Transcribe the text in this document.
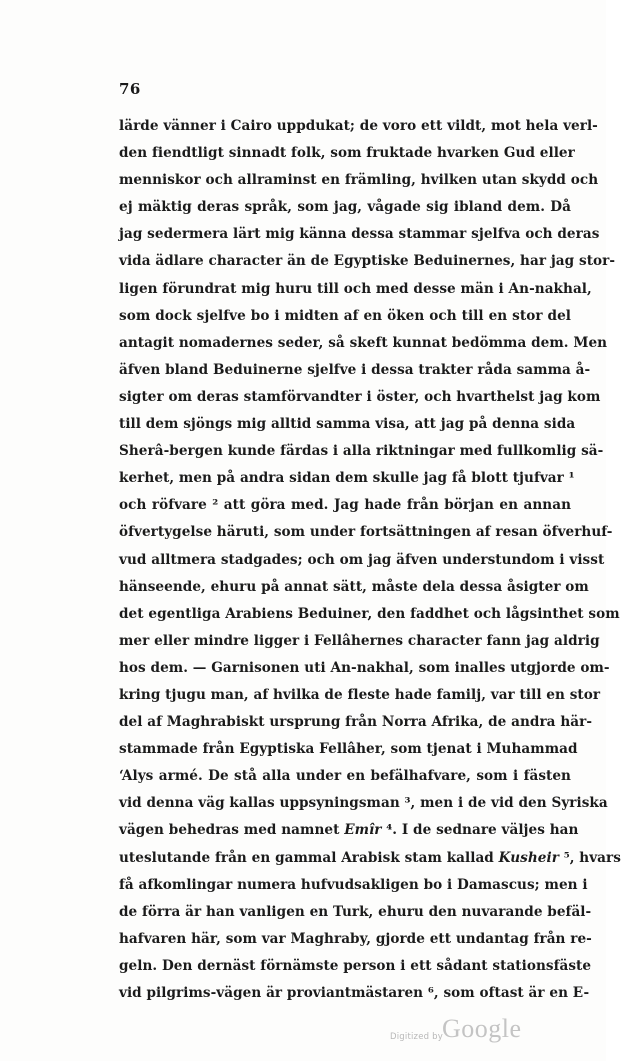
76
lärde vänner i Cairo uppdukat; de voro ett vildt, mot hela verl-
den fiendtligt sinnadt folk, som fruktade hvarken Gud eller
menniskor och allraminst en främling, hvilken utan skydd och
ej mäktig deras språk, som jag, vågade sig ibland dem. Då
jag sedermera lärt mig känna dessa stammar sjelfva och deras
vida ädlare character än de Egyptiske Beduinernes, har jag stor-
ligen förundrat mig huru till och med desse män i An-nakhal,
som dock sjelfve bo i midten af en öken och till en stor del
antagit nomadernes seder, så skeft kunnat bedömma dem. Men
äfven bland Beduinerne sjelfve i dessa trakter råda samma å-
sigter om deras stamförvandter i öster, och hvarthelst jag kom
till dem sjöngs mig alltid samma visa, att jag på denna sida
Sherâ-bergen kunde färdas i alla riktningar med fullkomlig sä-
kerhet, men på andra sidan dem skulle jag få blott tjufvar ¹
och röfvare ² att göra med. Jag hade från början en annan
öfvertygelse häruti, som under fortsättningen af resan öfverhuf-
vud alltmera stadgades; och om jag äfven understundom i visst
hänseende, ehuru på annat sätt, måste dela dessa åsigter om
det egentliga Arabiens Beduiner, den faddhet och lågsinthet som
mer eller mindre ligger i Fellâhernes character fann jag aldrig
hos dem. — Garnisonen uti An-nakhal, som inalles utgjorde om-
kring tjugu man, af hvilka de fleste hade familj, var till en stor
del af Maghrabiskt ursprung från Norra Afrika, de andra här-
stammade från Egyptiska Fellâher, som tjenat i Muhammad
ʻAlys armé. De stå alla under en befälhafvare, som i fästen
vid denna väg kallas uppsyningsman ³, men i de vid den Syriska
vägen behedras med namnet Emîr ⁴. I de sednare väljes han
uteslutande från en gammal Arabisk stam kallad Kusheir ⁵, hvars
få afkomlingar numera hufvudsakligen bo i Damascus; men i
de förra är han vanligen en Turk, ehuru den nuvarande befäl-
hafvaren här, som var Maghraby, gjorde ett undantag från re-
geln. Den dernäst förnämste person i ett sådant stationsfäste
vid pilgrims-vägen är proviantmästaren ⁶, som oftast är en E-
Digitized by Google
